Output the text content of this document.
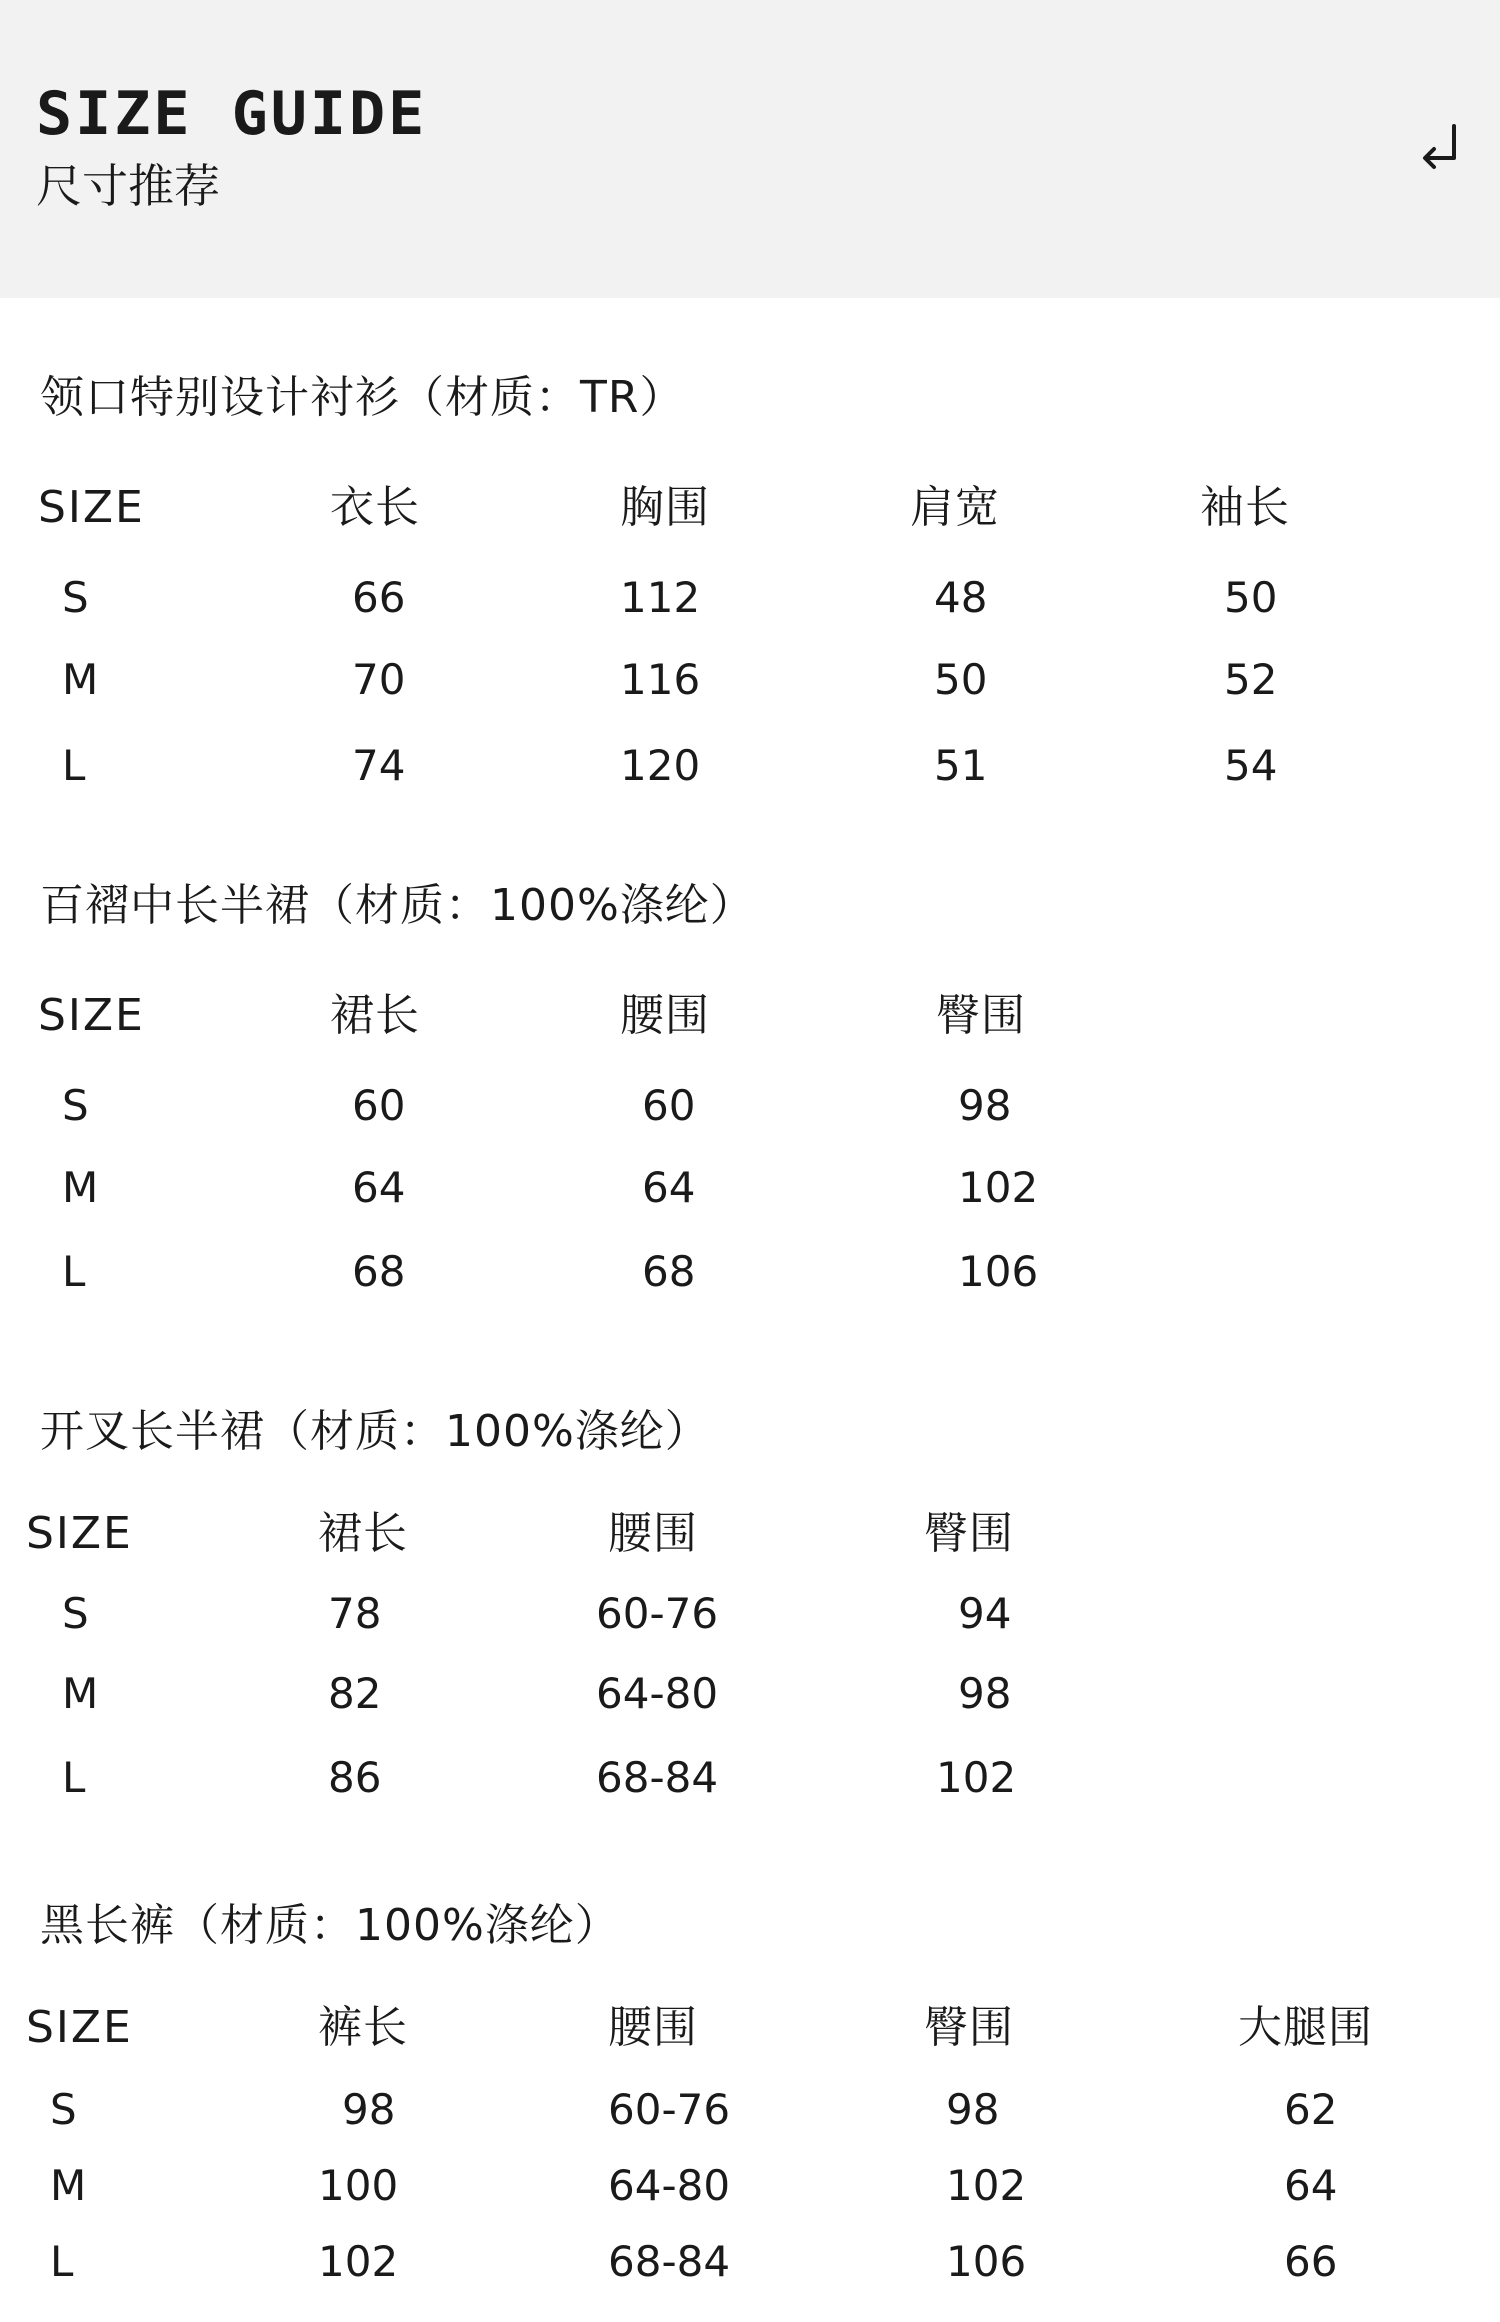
SIZE GUIDE
尺寸推荐
领口特别设计衬衫（材质：TR）
SIZE	衣长	胸围	肩宽	袖长
S	66	112	48	50
M	70	116	50	52
L	74	120	51	54
百褶中长半裙（材质：100%涤纶）
SIZE	裙长	腰围	臀围
S	60	60	98
M	64	64	102
L	68	68	106
开叉长半裙（材质：100%涤纶）
SIZE	裙长	腰围	臀围
S	78	60-76	94
M	82	64-80	98
L	86	68-84	102
黑长裤（材质：100%涤纶）
SIZE	裤长	腰围	臀围	大腿围
S	98	60-76	98	62
M	100	64-80	102	64
L	102	68-84	106	66
